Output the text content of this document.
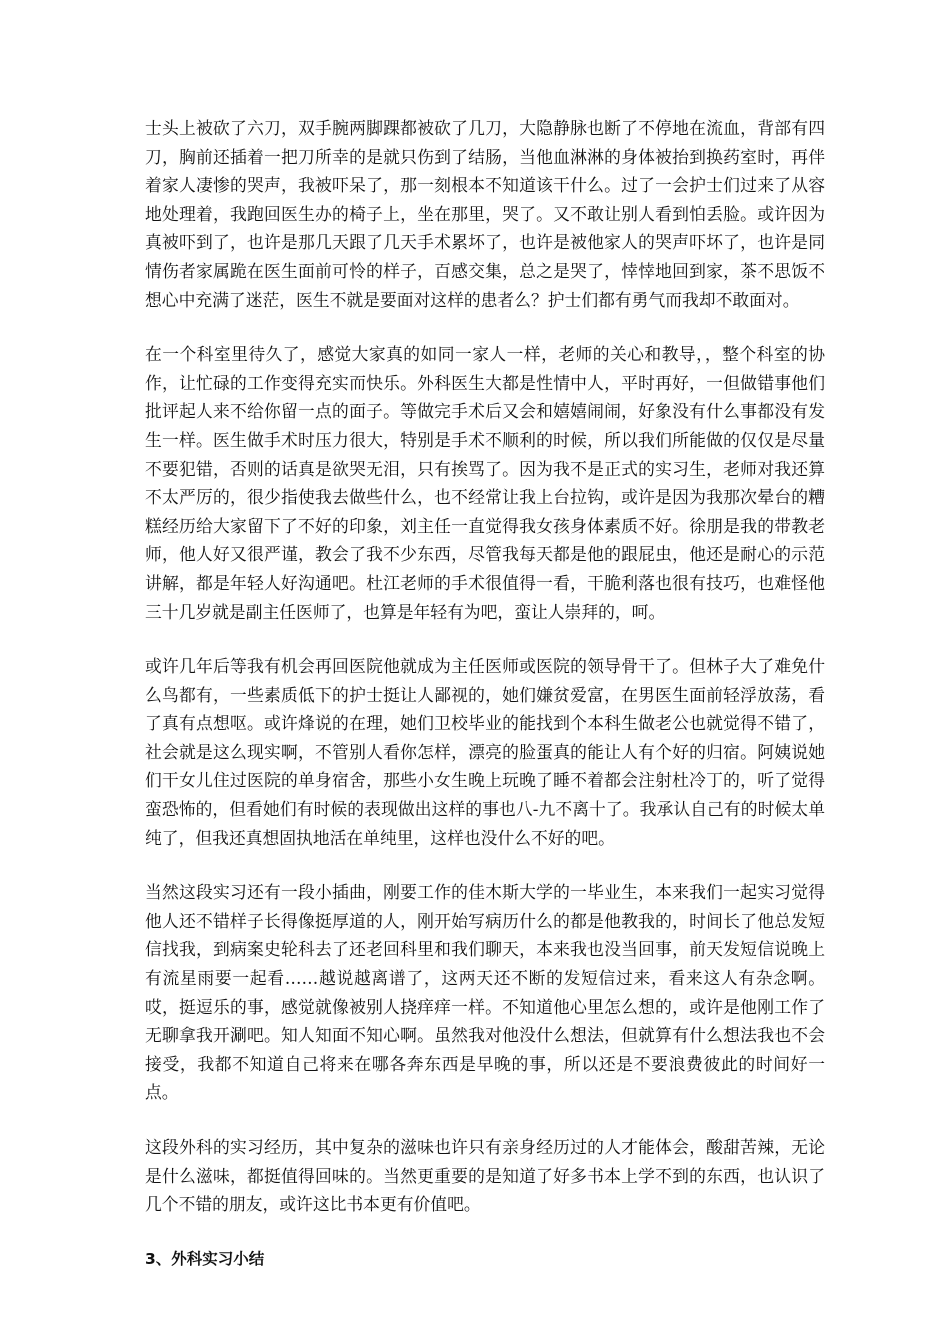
士头上被砍了六刀，双手腕两脚踝都被砍了几刀，大隐静脉也断了不停地在流血，背部有四刀，胸前还插着一把刀所幸的是就只伤到了结肠，当他血淋淋的身体被抬到换药室时，再伴着家人凄惨的哭声，我被吓呆了，那一刻根本不知道该干什么。过了一会护士们过来了从容地处理着，我跑回医生办的椅子上，坐在那里，哭了。又不敢让别人看到怕丢脸。或许因为真被吓到了，也许是那几天跟了几天手术累坏了，也许是被他家人的哭声吓坏了，也许是同情伤者家属跪在医生面前可怜的样子，百感交集，总之是哭了，悻悻地回到家，茶不思饭不想心中充满了迷茫，医生不就是要面对这样的患者么？护士们都有勇气而我却不敢面对。

在一个科室里待久了，感觉大家真的如同一家人一样，老师的关心和教导，，整个科室的协作，让忙碌的工作变得充实而快乐。外科医生大都是性情中人，平时再好，一但做错事他们批评起人来不给你留一点的面子。等做完手术后又会和嬉嬉闹闹，好象没有什么事都没有发生一样。医生做手术时压力很大，特别是手术不顺利的时候，所以我们所能做的仅仅是尽量不要犯错，否则的话真是欲哭无泪，只有挨骂了。因为我不是正式的实习生，老师对我还算不太严厉的，很少指使我去做些什么，也不经常让我上台拉钩，或许是因为我那次晕台的糟糕经历给大家留下了不好的印象，刘主任一直觉得我女孩身体素质不好。徐朋是我的带教老师，他人好又很严谨，教会了我不少东西，尽管我每天都是他的跟屁虫，他还是耐心的示范讲解，都是年轻人好沟通吧。杜江老师的手术很值得一看，干脆利落也很有技巧，也难怪他三十几岁就是副主任医师了，也算是年轻有为吧，蛮让人崇拜的，呵。

或许几年后等我有机会再回医院他就成为主任医师或医院的领导骨干了。但林子大了难免什么鸟都有，一些素质低下的护士挺让人鄙视的，她们嫌贫爱富，在男医生面前轻浮放荡，看了真有点想呕。或许烽说的在理，她们卫校毕业的能找到个本科生做老公也就觉得不错了，社会就是这么现实啊，不管别人看你怎样，漂亮的脸蛋真的能让人有个好的归宿。阿姨说她们干女儿住过医院的单身宿舍，那些小女生晚上玩晚了睡不着都会注射杜冷丁的，听了觉得蛮恐怖的，但看她们有时候的表现做出这样的事也八-九不离十了。我承认自己有的时候太单纯了，但我还真想固执地活在单纯里，这样也没什么不好的吧。

当然这段实习还有一段小插曲，刚要工作的佳木斯大学的一毕业生，本来我们一起实习觉得他人还不错样子长得像挺厚道的人，刚开始写病历什么的都是他教我的，时间长了他总发短信找我，到病案史轮科去了还老回科里和我们聊天，本来我也没当回事，前天发短信说晚上有流星雨要一起看……越说越离谱了，这两天还不断的发短信过来，看来这人有杂念啊。哎，挺逗乐的事，感觉就像被别人挠痒痒一样。不知道他心里怎么想的，或许是他刚工作了无聊拿我开涮吧。知人知面不知心啊。虽然我对他没什么想法，但就算有什么想法我也不会接受，我都不知道自己将来在哪各奔东西是早晚的事，所以还是不要浪费彼此的时间好一点。

这段外科的实习经历，其中复杂的滋味也许只有亲身经历过的人才能体会，酸甜苦辣，无论是什么滋味，都挺值得回味的。当然更重要的是知道了好多书本上学不到的东西，也认识了几个不错的朋友，或许这比书本更有价值吧。

3、外科实习小结
